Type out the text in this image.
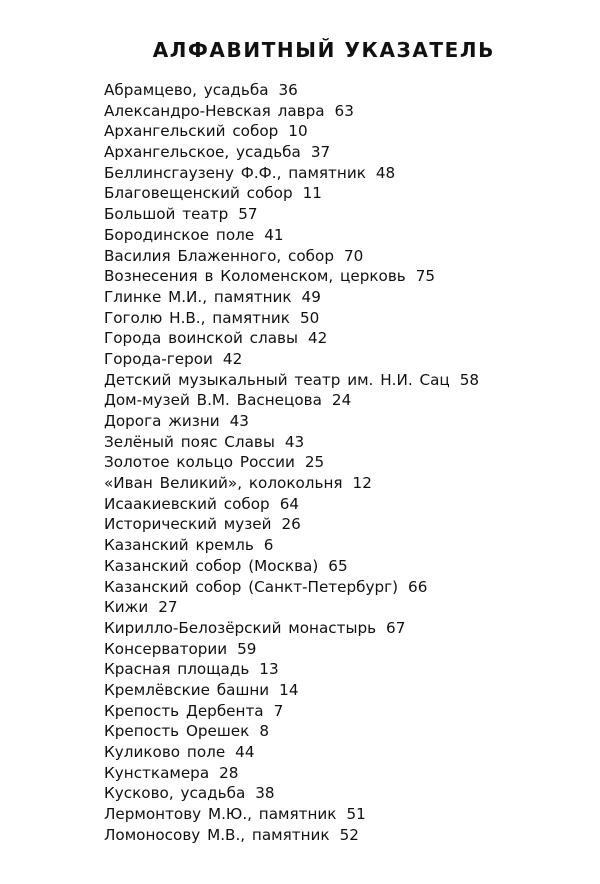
АЛФАВИТНЫЙ УКАЗАТЕЛЬ
Абрамцево, усадьба 36
Александро-Невская лавра 63
Архангельский собор 10
Архангельское, усадьба 37
Беллинсгаузену Ф.Ф., памятник 48
Благовещенский собор 11
Большой театр 57
Бородинское поле 41
Василия Блаженного, собор 70
Вознесения в Коломенском, церковь 75
Глинке М.И., памятник 49
Гоголю Н.В., памятник 50
Города воинской славы 42
Города-герои 42
Детский музыкальный театр им. Н.И. Сац 58
Дом-музей В.М. Васнецова 24
Дорога жизни 43
Зелёный пояс Славы 43
Золотое кольцо России 25
«Иван Великий», колокольня 12
Исаакиевский собор 64
Исторический музей 26
Казанский кремль 6
Казанский собор (Москва) 65
Казанский собор (Санкт-Петербург) 66
Кижи 27
Кирилло-Белозёрский монастырь 67
Консерватории 59
Красная площадь 13
Кремлёвские башни 14
Крепость Дербента 7
Крепость Орешек 8
Куликово поле 44
Кунсткамера 28
Кусково, усадьба 38
Лермонтову М.Ю., памятник 51
Ломоносову М.В., памятник 52
